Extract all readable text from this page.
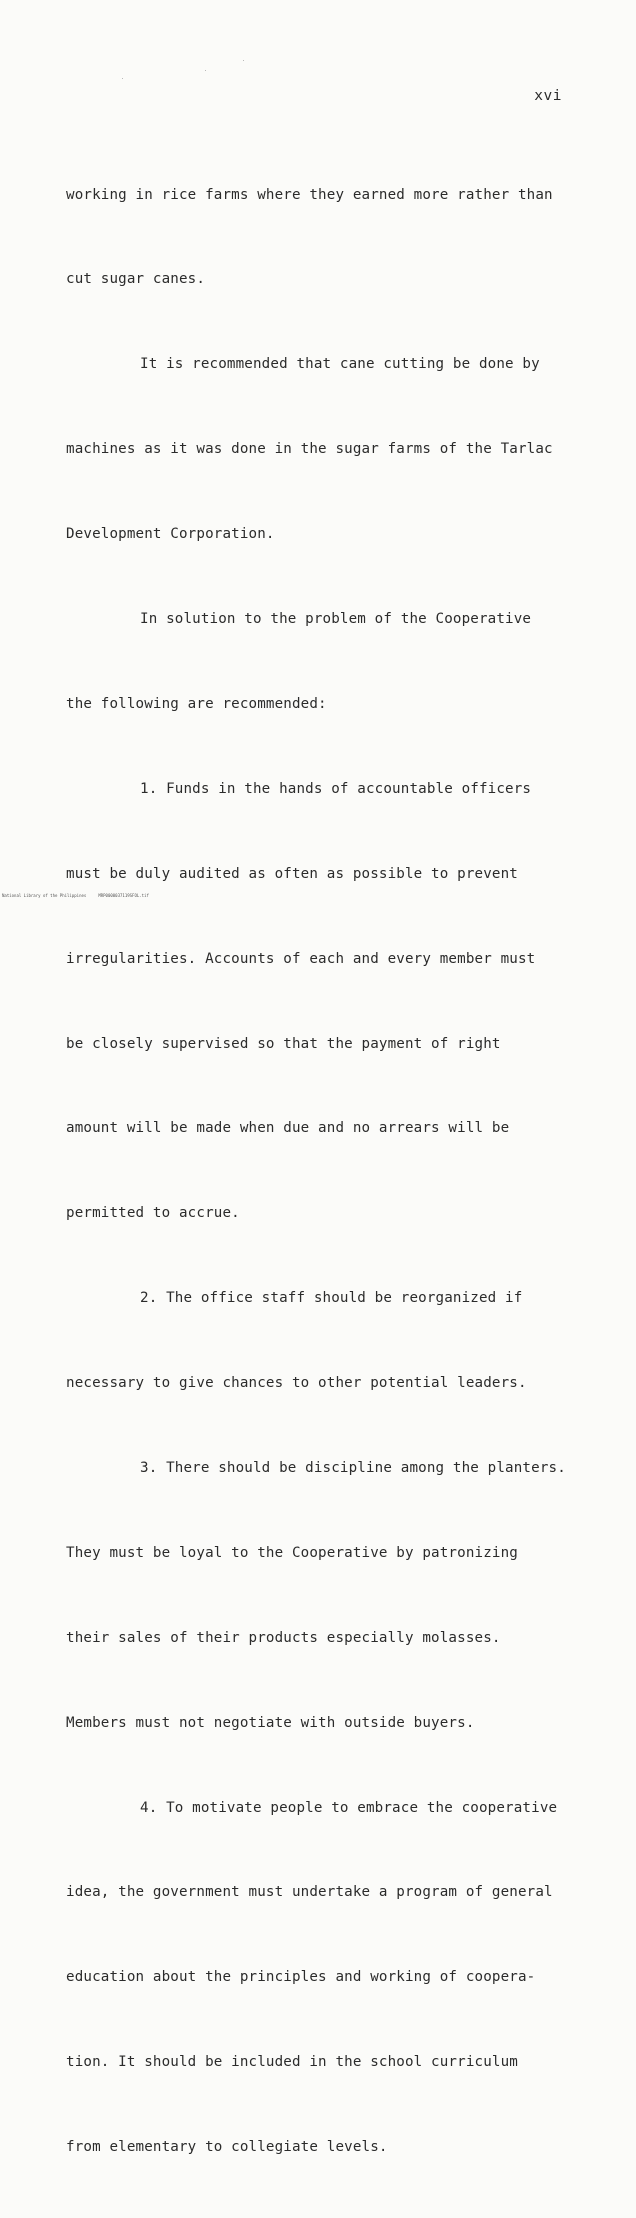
xvi

working in rice farms where they earned more rather than

cut sugar canes.

It is recommended that cane cutting be done by

machines as it was done in the sugar farms of the Tarlac

Development Corporation.

In solution to the problem of the Cooperative

the following are recommended:

1. Funds in the hands of accountable officers

must be duly audited as often as possible to prevent

irregularities. Accounts of each and every member must

be closely supervised so that the payment of right

amount will be made when due and no arrears will be

permitted to accrue.

2. The office staff should be reorganized if

necessary to give chances to other potential leaders.

3. There should be discipline among the planters.

They must be loyal to the Cooperative by patronizing

their sales of their products especially molasses.

Members must not negotiate with outside buyers.

4. To motivate people to embrace the cooperative

idea, the government must undertake a program of general

education about the principles and working of coopera-

tion. It should be included in the school curriculum

from elementary to collegiate levels.

National Library of the Philippines     MRP0000037119SFOL.tif
